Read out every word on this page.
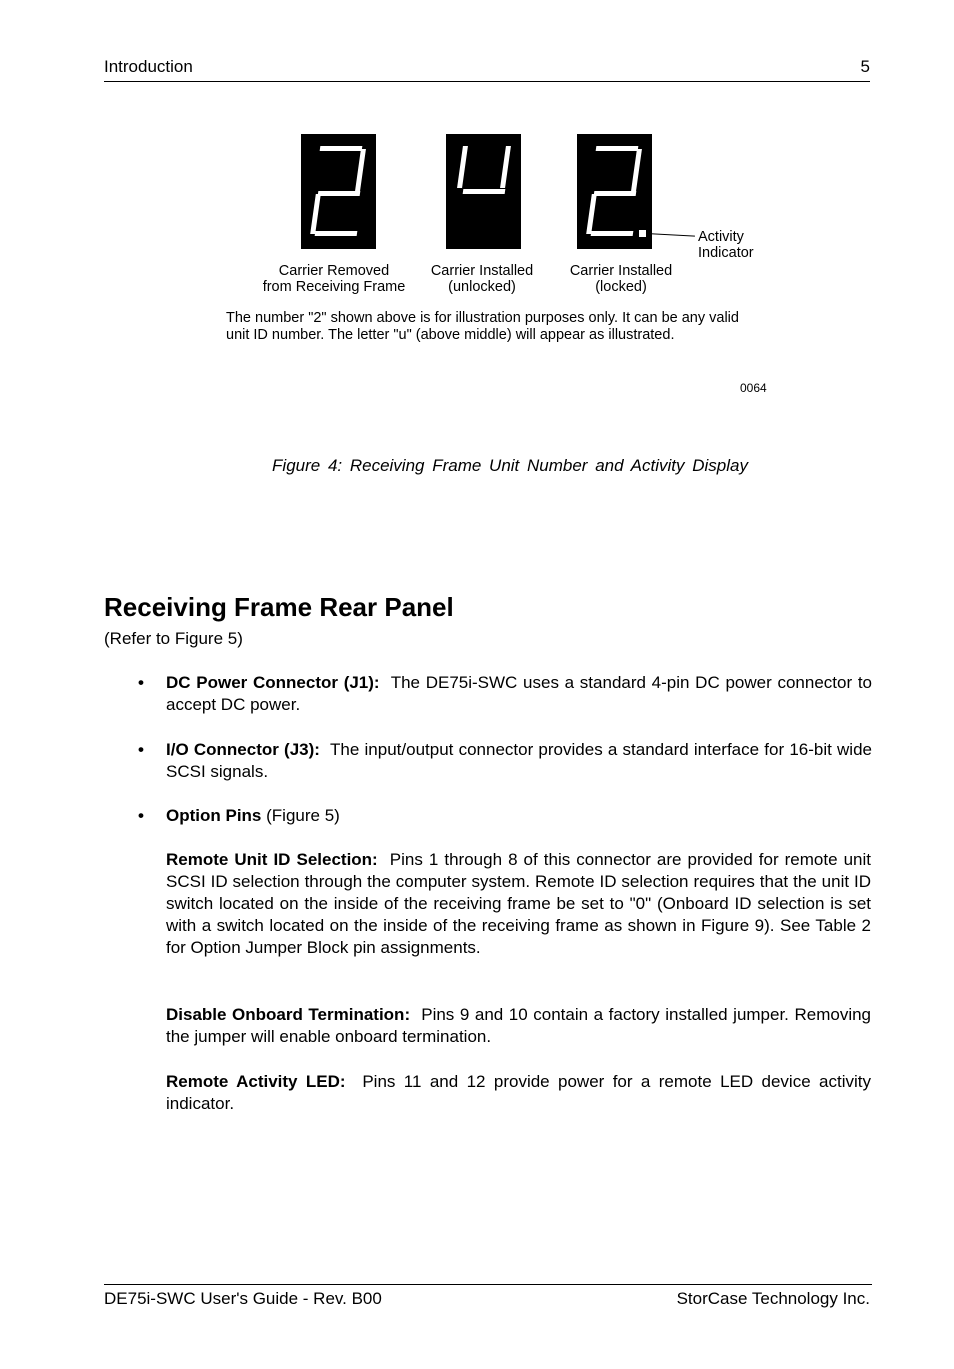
Introduction	5
Activity
Indicator
Carrier Removed
from Receiving Frame
Carrier Installed
(unlocked)
Carrier Installed
(locked)
The number "2" shown above is for illustration purposes only. It can be any valid
unit ID number. The letter "u" (above middle) will appear as illustrated.
0064
Figure 4: Receiving Frame Unit Number and Activity Display
Receiving Frame Rear Panel
(Refer to Figure 5)
• DC Power Connector (J1): The DE75i-SWC uses a standard 4-pin DC power connector to accept DC power.
• I/O Connector (J3): The input/output connector provides a standard interface for 16-bit wide SCSI signals.
• Option Pins (Figure 5)
Remote Unit ID Selection: Pins 1 through 8 of this connector are provided for remote unit SCSI ID selection through the computer system. Remote ID selection requires that the unit ID switch located on the inside of the receiving frame be set to "0" (Onboard ID selection is set with a switch located on the inside of the receiving frame as shown in Figure 9). See Table 2 for Option Jumper Block pin assignments.
Disable Onboard Termination: Pins 9 and 10 contain a factory installed jumper. Removing the jumper will enable onboard termination.
Remote Activity LED: Pins 11 and 12 provide power for a remote LED device activity indicator.
DE75i-SWC User's Guide - Rev. B00	StorCase Technology Inc.
